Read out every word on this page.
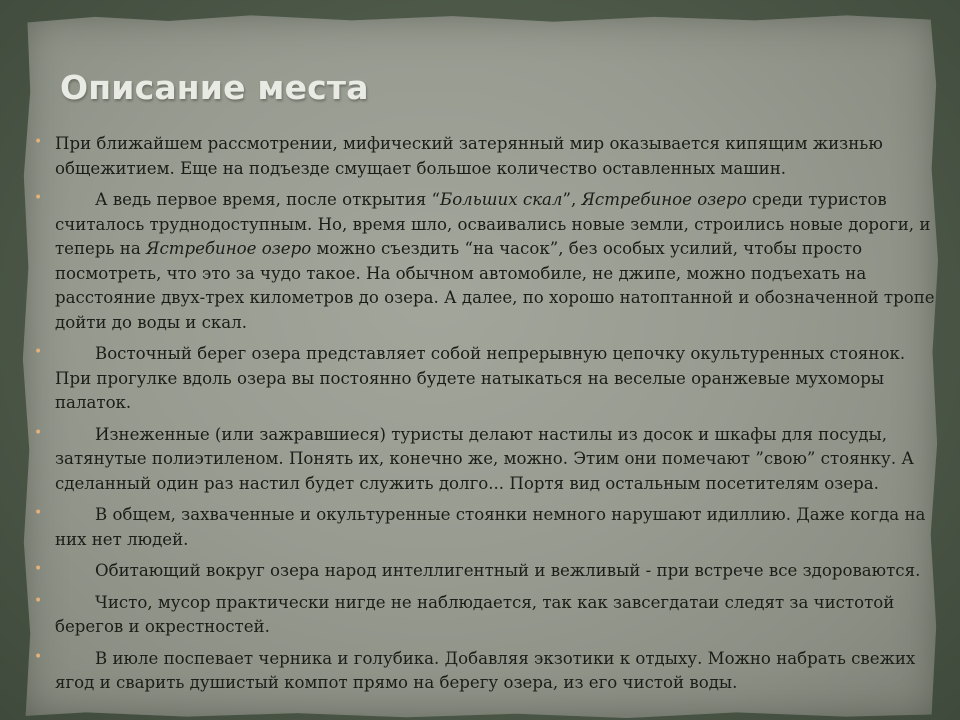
Описание места
• При ближайшем рассмотрении, мифический затерянный мир оказывается кипящим жизнью общежитием. Еще на подъезде смущает большое количество оставленных машин.
•	А ведь первое время, после открытия “Больших скал”, Ястребиное озеро среди туристов считалось труднодоступным. Но, время шло, осваивались новые земли, строились новые дороги, и теперь на Ястребиное озеро можно съездить “на часок”, без особых усилий, чтобы просто посмотреть, что это за чудо такое. На обычном автомобиле, не джипе, можно подъехать на расстояние двух-трех километров до озера. А далее, по хорошо натоптанной и обозначенной тропе дойти до воды и скал.
•	Восточный берег озера представляет собой непрерывную цепочку окультуренных стоянок. При прогулке вдоль озера вы постоянно будете натыкаться на веселые оранжевые мухоморы палаток.
•	Изнеженные (или зажравшиеся) туристы делают настилы из досок и шкафы для посуды, затянутые полиэтиленом. Понять их, конечно же, можно. Этим они помечают ”свою” стоянку. А сделанный один раз настил будет служить долго... Портя вид остальным посетителям озера.
•	В общем, захваченные и окультуренные стоянки немного нарушают идиллию. Даже когда на них нет людей.
•	Обитающий вокруг озера народ интеллигентный и вежливый - при встрече все здороваются.
•	Чисто, мусор практически нигде не наблюдается, так как завсегдатаи следят за чистотой берегов и окрестностей.
•	В июле поспевает черника и голубика. Добавляя экзотики к отдыху. Можно набрать свежих ягод и сварить душистый компот прямо на берегу озера, из его чистой воды.
